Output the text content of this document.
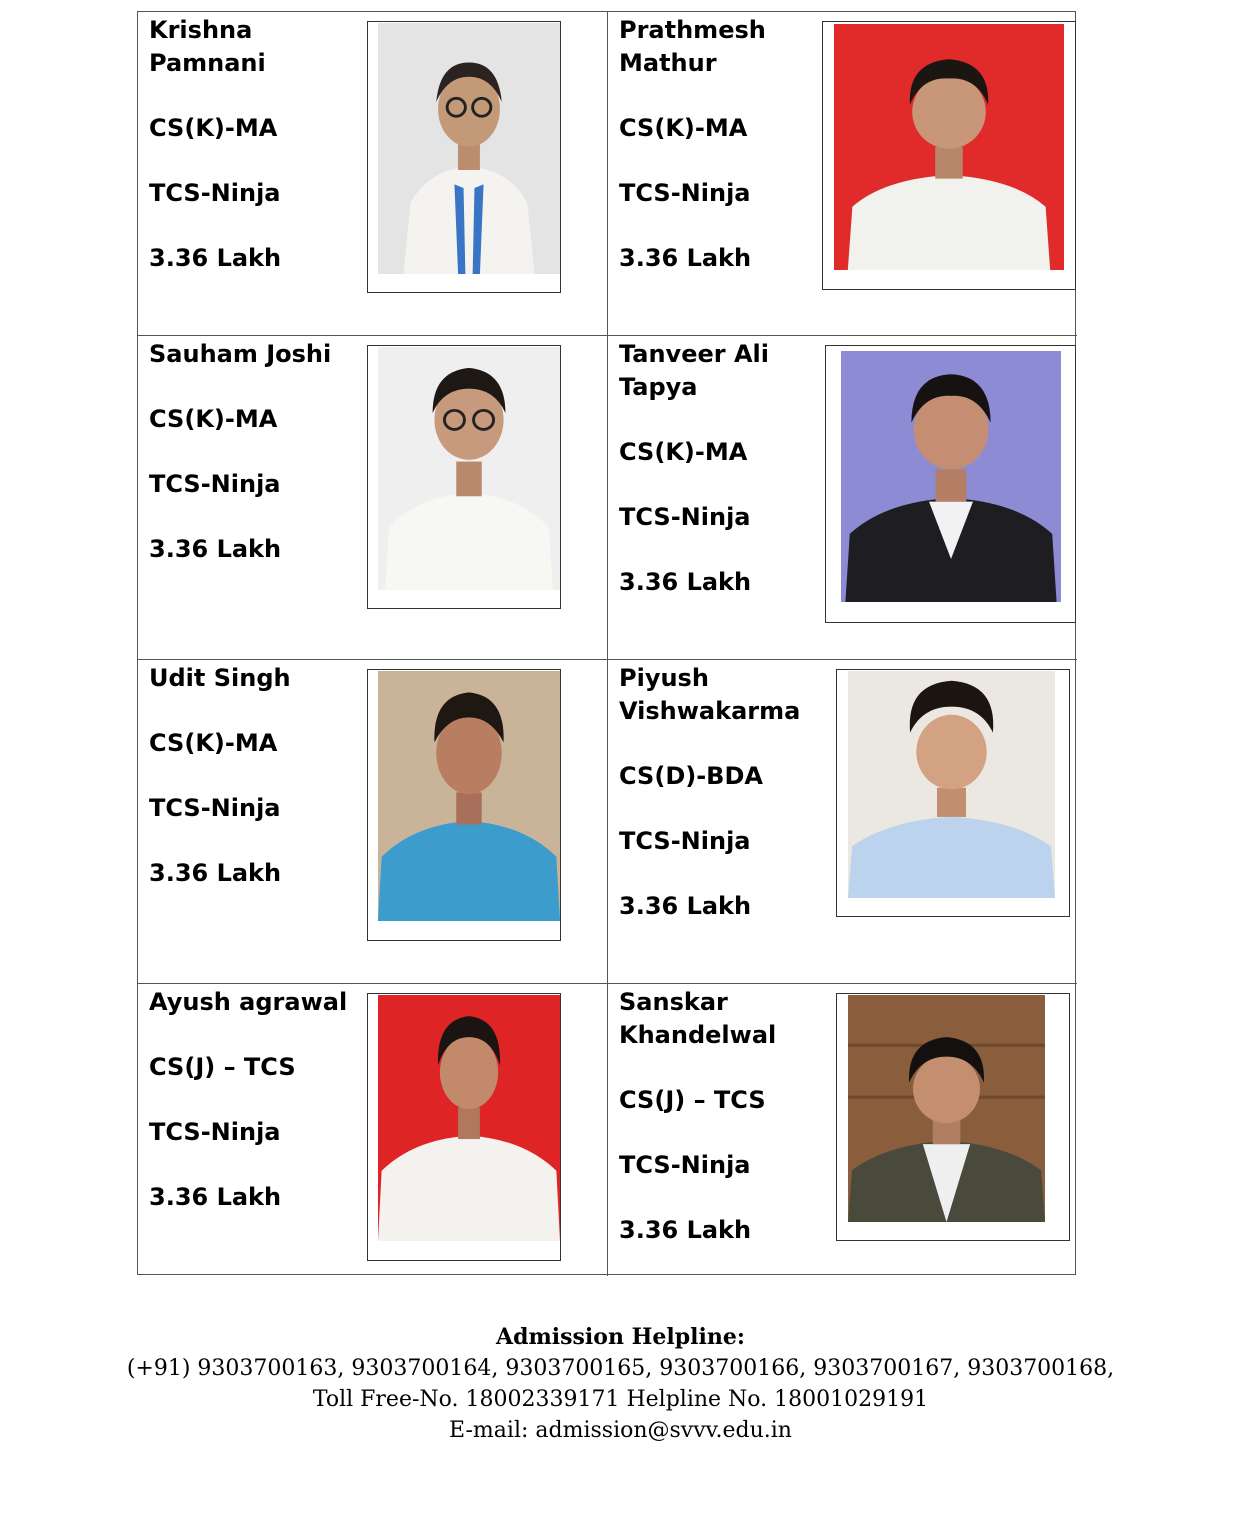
Krishna Pamnani
CS(K)-MA
TCS-Ninja
3.36 Lakh
Prathmesh Mathur
CS(K)-MA
TCS-Ninja
3.36 Lakh
Sauham Joshi
CS(K)-MA
TCS-Ninja
3.36 Lakh
Tanveer Ali Tapya
CS(K)-MA
TCS-Ninja
3.36 Lakh
Udit Singh
CS(K)-MA
TCS-Ninja
3.36 Lakh
Piyush Vishwakarma
CS(D)-BDA
TCS-Ninja
3.36 Lakh
Ayush agrawal
CS(J) – TCS
TCS-Ninja
3.36 Lakh
Sanskar Khandelwal
CS(J) – TCS
TCS-Ninja
3.36 Lakh
Admission Helpline:
(+91) 9303700163, 9303700164, 9303700165, 9303700166, 9303700167, 9303700168,
Toll Free-No. 18002339171 Helpline No. 18001029191
E-mail: admission@svvv.edu.in
